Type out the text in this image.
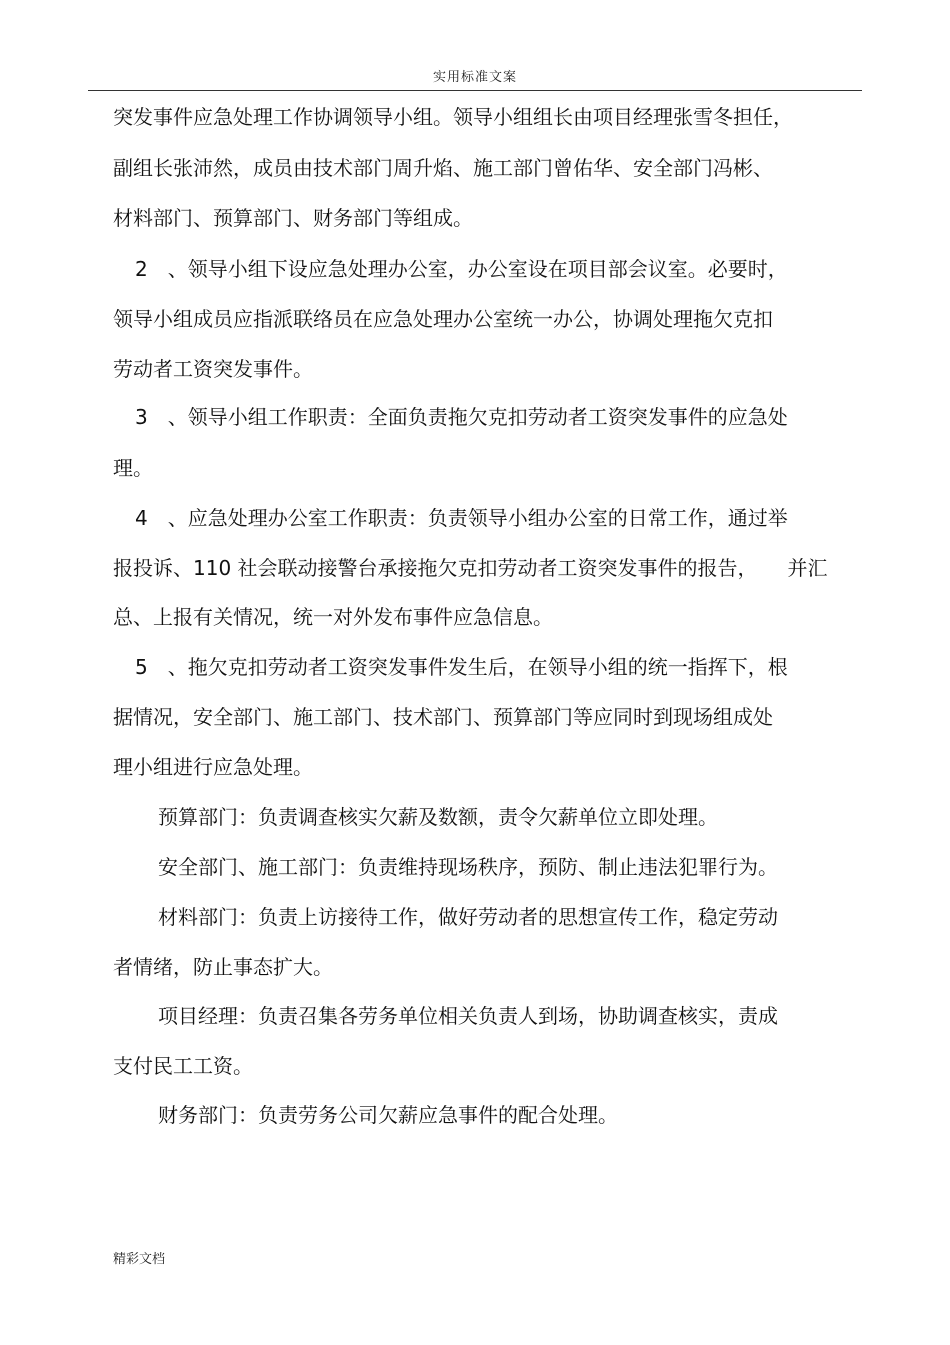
实用标准文案
突发事件应急处理工作协调领导小组。领导小组组长由项目经理张雪冬担任，
副组长张沛然，成员由技术部门周升焰、施工部门曾佑华、安全部门冯彬、
材料部门、预算部门、财务部门等组成。
2　、领导小组下设应急处理办公室，办公室设在项目部会议室。必要时，
领导小组成员应指派联络员在应急处理办公室统一办公，协调处理拖欠克扣
劳动者工资突发事件。
3　、领导小组工作职责：全面负责拖欠克扣劳动者工资突发事件的应急处
理。
4　、应急处理办公室工作职责：负责领导小组办公室的日常工作，通过举
报投诉、110 社会联动接警台承接拖欠克扣劳动者工资突发事件的报告，　　并汇
总、上报有关情况，统一对外发布事件应急信息。
5　、拖欠克扣劳动者工资突发事件发生后，在领导小组的统一指挥下，根
据情况，安全部门、施工部门、技术部门、预算部门等应同时到现场组成处
理小组进行应急处理。
预算部门：负责调查核实欠薪及数额，责令欠薪单位立即处理。
安全部门、施工部门：负责维持现场秩序，预防、制止违法犯罪行为。
材料部门：负责上访接待工作，做好劳动者的思想宣传工作，稳定劳动
者情绪，防止事态扩大。
项目经理：负责召集各劳务单位相关负责人到场，协助调查核实，责成
支付民工工资。
财务部门：负责劳务公司欠薪应急事件的配合处理。
精彩文档
